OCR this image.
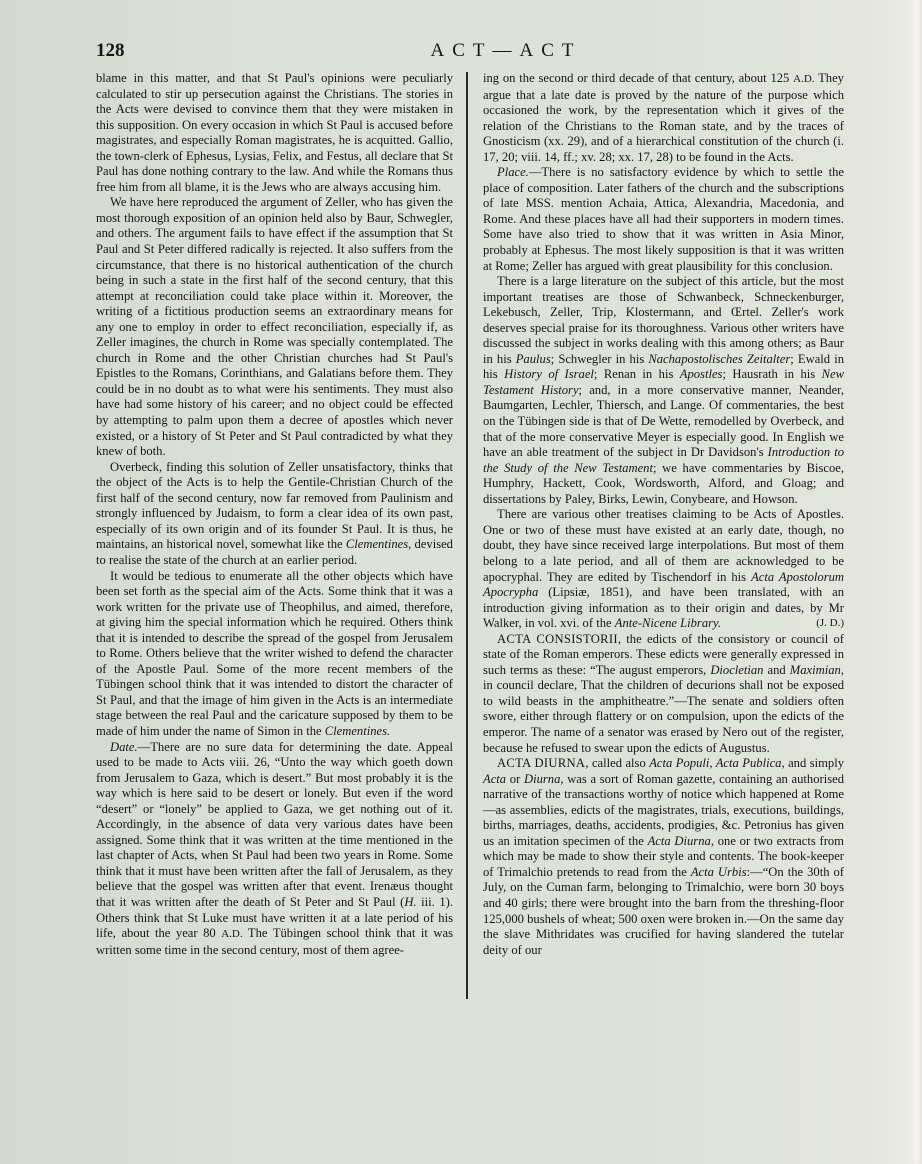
128	ACT—ACT

blame in this matter, and that St Paul's opinions were peculiarly calculated to stir up persecution against the Christians. The stories in the Acts were devised to convince them that they were mistaken in this supposition. On every occasion in which St Paul is accused before magistrates, and especially Roman magistrates, he is acquitted. Gallio, the town-clerk of Ephesus, Lysias, Felix, and Festus, all declare that St Paul has done nothing contrary to the law. And while the Romans thus free him from all blame, it is the Jews who are always accusing him.

We have here reproduced the argument of Zeller, who has given the most thorough exposition of an opinion held also by Baur, Schwegler, and others. The argument fails to have effect if the assumption that St Paul and St Peter differed radically is rejected. It also suffers from the circumstance, that there is no historical authentication of the church being in such a state in the first half of the second century, that this attempt at reconciliation could take place within it. Moreover, the writing of a fictitious production seems an extraordinary means for any one to employ in order to effect reconciliation, especially if, as Zeller imagines, the church in Rome was specially contemplated. The church in Rome and the other Christian churches had St Paul's Epistles to the Romans, Corinthians, and Galatians before them. They could be in no doubt as to what were his sentiments. They must also have had some history of his career; and no object could be effected by attempting to palm upon them a decree of apostles which never existed, or a history of St Peter and St Paul contradicted by what they knew of both.

Overbeck, finding this solution of Zeller unsatisfactory, thinks that the object of the Acts is to help the Gentile-Christian Church of the first half of the second century, now far removed from Paulinism and strongly influenced by Judaism, to form a clear idea of its own past, especially of its own origin and of its founder St Paul. It is thus, he maintains, an historical novel, somewhat like the Clementines, devised to realise the state of the church at an earlier period.

It would be tedious to enumerate all the other objects which have been set forth as the special aim of the Acts. Some think that it was a work written for the private use of Theophilus, and aimed, therefore, at giving him the special information which he required. Others think that it is intended to describe the spread of the gospel from Jerusalem to Rome. Others believe that the writer wished to defend the character of the Apostle Paul. Some of the more recent members of the Tübingen school think that it was intended to distort the character of St Paul, and that the image of him given in the Acts is an intermediate stage between the real Paul and the caricature supposed by them to be made of him under the name of Simon in the Clementines.

Date.—There are no sure data for determining the date. Appeal used to be made to Acts viii. 26, “Unto the way which goeth down from Jerusalem to Gaza, which is desert.” But most probably it is the way which is here said to be desert or lonely. But even if the word “desert” or “lonely” be applied to Gaza, we get nothing out of it. Accordingly, in the absence of data very various dates have been assigned. Some think that it was written at the time mentioned in the last chapter of Acts, when St Paul had been two years in Rome. Some think that it must have been written after the fall of Jerusalem, as they believe that the gospel was written after that event. Irenæus thought that it was written after the death of St Peter and St Paul (H. iii. 1). Others think that St Luke must have written it at a late period of his life, about the year 80 A.D. The Tübingen school think that it was written some time in the second century, most of them agree-

ing on the second or third decade of that century, about 125 A.D. They argue that a late date is proved by the nature of the purpose which occasioned the work, by the representation which it gives of the relation of the Christians to the Roman state, and by the traces of Gnosticism (xx. 29), and of a hierarchical constitution of the church (i. 17, 20; viii. 14, ff.; xv. 28; xx. 17, 28) to be found in the Acts.

Place.—There is no satisfactory evidence by which to settle the place of composition. Later fathers of the church and the subscriptions of late MSS. mention Achaia, Attica, Alexandria, Macedonia, and Rome. And these places have all had their supporters in modern times. Some have also tried to show that it was written in Asia Minor, probably at Ephesus. The most likely supposition is that it was written at Rome; Zeller has argued with great plausibility for this conclusion.

There is a large literature on the subject of this article, but the most important treatises are those of Schwanbeck, Schneckenburger, Lekebusch, Zeller, Trip, Klostermann, and Œrtel. Zeller's work deserves special praise for its thoroughness. Various other writers have discussed the subject in works dealing with this among others; as Baur in his Paulus; Schwegler in his Nachapostolisches Zeitalter; Ewald in his History of Israel; Renan in his Apostles; Hausrath in his New Testament History; and, in a more conservative manner, Neander, Baumgarten, Lechler, Thiersch, and Lange. Of commentaries, the best on the Tübingen side is that of De Wette, remodelled by Overbeck, and that of the more conservative Meyer is especially good. In English we have an able treatment of the subject in Dr Davidson's Introduction to the Study of the New Testament; we have commentaries by Biscoe, Humphry, Hackett, Cook, Wordsworth, Alford, and Gloag; and dissertations by Paley, Birks, Lewin, Conybeare, and Howson.

There are various other treatises claiming to be Acts of Apostles. One or two of these must have existed at an early date, though, no doubt, they have since received large interpolations. But most of them belong to a late period, and all of them are acknowledged to be apocryphal. They are edited by Tischendorf in his Acta Apostolorum Apocrypha (Lipsiæ, 1851), and have been translated, with an introduction giving information as to their origin and dates, by Mr Walker, in vol. xvi. of the Ante-Nicene Library.	(J. D.)

ACTA CONSISTORII, the edicts of the consistory or council of state of the Roman emperors. These edicts were generally expressed in such terms as these: “The august emperors, Diocletian and Maximian, in council declare, That the children of decurions shall not be exposed to wild beasts in the amphitheatre.”—The senate and soldiers often swore, either through flattery or on compulsion, upon the edicts of the emperor. The name of a senator was erased by Nero out of the register, because he refused to swear upon the edicts of Augustus.

ACTA DIURNA, called also Acta Populi, Acta Publica, and simply Acta or Diurna, was a sort of Roman gazette, containing an authorised narrative of the transactions worthy of notice which happened at Rome—as assemblies, edicts of the magistrates, trials, executions, buildings, births, marriages, deaths, accidents, prodigies, &c. Petronius has given us an imitation specimen of the Acta Diurna, one or two extracts from which may be made to show their style and contents. The book-keeper of Trimalchio pretends to read from the Acta Urbis:—“On the 30th of July, on the Cuman farm, belonging to Trimalchio, were born 30 boys and 40 girls; there were brought into the barn from the threshing-floor 125,000 bushels of wheat; 500 oxen were broken in.—On the same day the slave Mithridates was crucified for having slandered the tutelar deity of our
